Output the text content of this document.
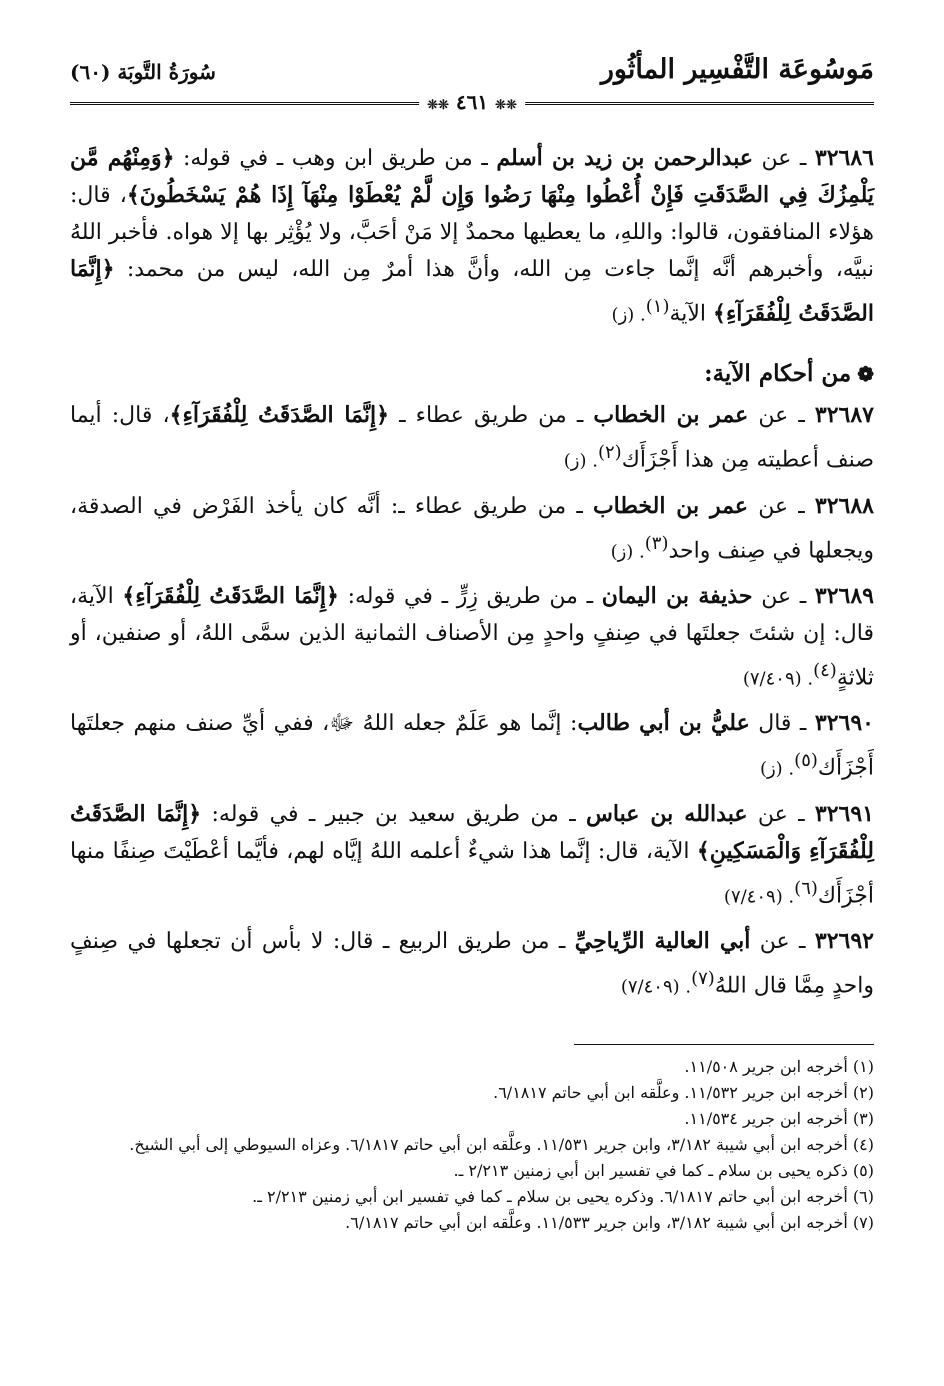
مَوسُوعَة التَّفْسِير المأثُور
سُورَةُ التَّوبَة (٦٠)
❊❊ ٤٦١ ❊❊

٣٢٦٨٦ ـ عن عبدالرحمن بن زيد بن أسلم ـ من طريق ابن وهب ـ في قوله: ﴿وَمِنْهُم مَّن يَلْمِزُكَ فِي الصَّدَقَتِ فَإِنْ أُعْطُوا مِنْهَا رَضُوا وَإِن لَّمْ يُعْطَوْا مِنْهَآ إِذَا هُمْ يَسْخَطُونَ﴾، قال: هؤلاء المنافقون، قالوا: واللهِ، ما يعطيها محمدٌ إلا مَنْ أحَبَّ، ولا يُؤْثِر بها إلا هواه. فأخبر اللهُ نبيَّه، وأخبرهم أنَّه إنَّما جاءت مِن الله، وأنَّ هذا أمرٌ مِن الله، ليس من محمد: ﴿إِنَّمَا الصَّدَقَتُ لِلْفُقَرَآءِ﴾ الآية$^{(١)}$. (ز)

❁من أحكام الآية:

٣٢٦٨٧ ـ عن عمر بن الخطاب ـ من طريق عطاء ـ ﴿إِنَّمَا الصَّدَقَتُ لِلْفُقَرَآءِ﴾، قال: أيما صنف أعطيته مِن هذا أَجْزَأَك$^{(٢)}$. (ز)

٣٢٦٨٨ ـ عن عمر بن الخطاب ـ من طريق عطاء ـ: أنَّه كان يأخذ الفَرْض في الصدقة، ويجعلها في صِنف واحد$^{(٣)}$. (ز)

٣٢٦٨٩ ـ عن حذيفة بن اليمان ـ من طريق زِرٍّ ـ في قوله: ﴿إِنَّمَا الصَّدَقَتُ لِلْفُقَرَآءِ﴾ الآية، قال: إن شئتَ جعلتَها في صِنفٍ واحدٍ مِن الأصناف الثمانية الذين سمَّى اللهُ، أو صنفين، أو ثلاثةٍ$^{(٤)}$. (٧/٤٠٩)

٣٢٦٩٠ ـ قال عليُّ بن أبي طالب: إنَّما هو عَلَمٌ جعله اللهُ ﷻ، ففي أيِّ صنف منهم جعلتَها أَجْزَأَك$^{(٥)}$. (ز)

٣٢٦٩١ ـ عن عبدالله بن عباس ـ من طريق سعيد بن جبير ـ في قوله: ﴿إِنَّمَا الصَّدَقَتُ لِلْفُقَرَآءِ وَالْمَسَكِينِ﴾ الآية، قال: إنَّما هذا شيءٌ أعلمه اللهُ إيَّاه لهم، فأيَّما أعْطَيْتَ صِنفًا منها أجْزَأَك$^{(٦)}$. (٧/٤٠٩)

٣٢٦٩٢ ـ عن أبي العالية الرِّياحِيِّ ـ من طريق الربيع ـ قال: لا بأس أن تجعلها في صِنفٍ واحدٍ مِمَّا قال اللهُ$^{(٧)}$. (٧/٤٠٩)

(١) أخرجه ابن جرير ١١/٥٠٨.

(٢) أخرجه ابن جرير ١١/٥٣٢. وعلَّقه ابن أبي حاتم ٦/١٨١٧.

(٣) أخرجه ابن جرير ١١/٥٣٤.

(٤) أخرجه ابن أبي شيبة ٣/١٨٢، وابن جرير ١١/٥٣١. وعلَّقه ابن أبي حاتم ٦/١٨١٧. وعزاه السيوطي إلى أبي الشيخ.

(٥) ذكره يحيى بن سلام ـ كما في تفسير ابن أبي زمنين ٢/٢١٣ ـ.

(٦) أخرجه ابن أبي حاتم ٦/١٨١٧. وذكره يحيى بن سلام ـ كما في تفسير ابن أبي زمنين ٢/٢١٣ ـ.

(٧) أخرجه ابن أبي شيبة ٣/١٨٢، وابن جرير ١١/٥٣٣. وعلَّقه ابن أبي حاتم ٦/١٨١٧.
